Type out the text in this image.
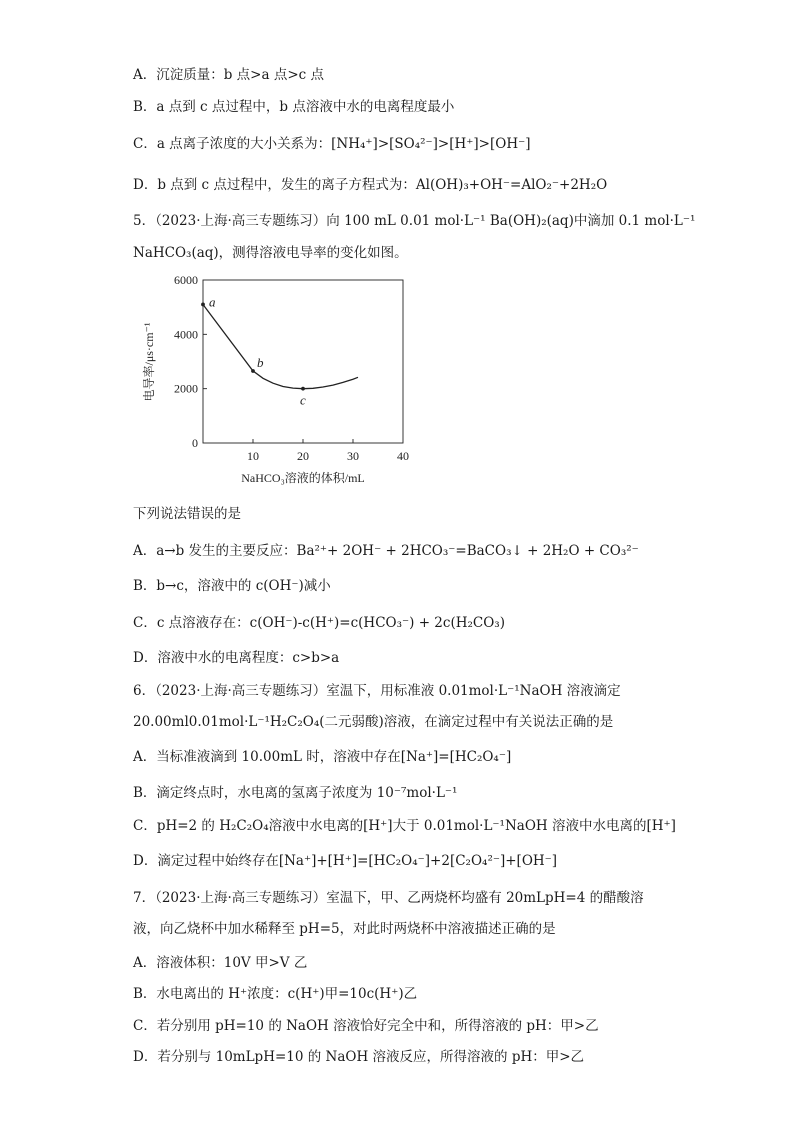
A．沉淀质量：b 点>a 点>c 点
B．a 点到 c 点过程中，b 点溶液中水的电离程度最小
C．a 点离子浓度的大小关系为：[NH₄⁺]>[SO₄²⁻]>[H⁺]>[OH⁻]
D．b 点到 c 点过程中，发生的离子方程式为：Al(OH)₃+OH⁻=AlO₂⁻+2H₂O
5．（2023·上海·高三专题练习）向 100 mL 0.01 mol·L⁻¹ Ba(OH)₂(aq)中滴加 0.1 mol·L⁻¹
NaHCO₃(aq)，测得溶液电导率的变化如图。
0
2000
4000
6000
10	20	30	40
a
b
c
NaHCO₃溶液的体积/mL
电导率/μs·cm⁻¹
下列说法错误的是
A．a→b 发生的主要反应：Ba²⁺+ 2OH⁻ + 2HCO₃⁻=BaCO₃↓ + 2H₂O + CO₃²⁻
B．b→c，溶液中的 c(OH⁻)减小
C．c 点溶液存在：c(OH⁻)-c(H⁺)=c(HCO₃⁻) + 2c(H₂CO₃)
D．溶液中水的电离程度：c>b>a
6．（2023·上海·高三专题练习）室温下，用标准液 0.01mol·L⁻¹NaOH 溶液滴定
20.00ml0.01mol·L⁻¹H₂C₂O₄(二元弱酸)溶液，在滴定过程中有关说法正确的是
A．当标准液滴到 10.00mL 时，溶液中存在[Na⁺]=[HC₂O₄⁻]
B．滴定终点时，水电离的氢离子浓度为 10⁻⁷mol·L⁻¹
C．pH=2 的 H₂C₂O₄溶液中水电离的[H⁺]大于 0.01mol·L⁻¹NaOH 溶液中水电离的[H⁺]
D．滴定过程中始终存在[Na⁺]+[H⁺]=[HC₂O₄⁻]+2[C₂O₄²⁻]+[OH⁻]
7．（2023·上海·高三专题练习）室温下，甲、乙两烧杯均盛有 20mLpH=4 的醋酸溶
液，向乙烧杯中加水稀释至 pH=5，对此时两烧杯中溶液描述正确的是
A．溶液体积：10V 甲>V 乙
B．水电离出的 H⁺浓度：c(H⁺)甲=10c(H⁺)乙
C．若分别用 pH=10 的 NaOH 溶液恰好完全中和，所得溶液的 pH：甲>乙
D．若分别与 10mLpH=10 的 NaOH 溶液反应，所得溶液的 pH：甲>乙
